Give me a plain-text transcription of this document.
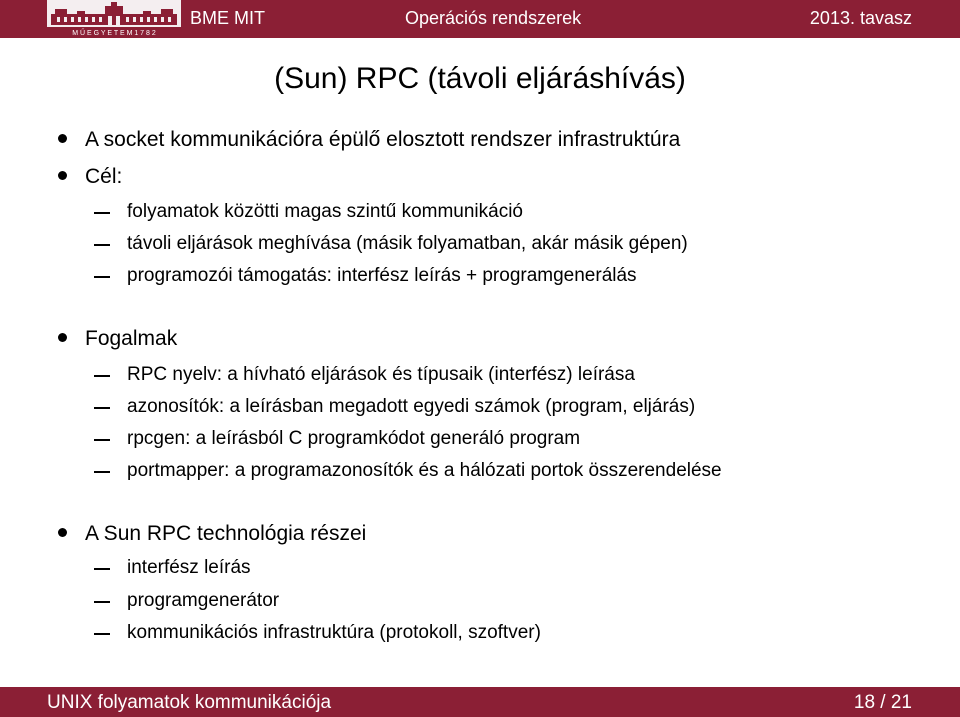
M Ű E G Y E T E M 1 7 8 2
BME MIT	Operációs rendszerek	2013. tavasz
(Sun) RPC (távoli eljáráshívás)
A socket kommunikációra épülő elosztott rendszer infrastruktúra
Cél:
folyamatok közötti magas szintű kommunikáció
távoli eljárások meghívása (másik folyamatban, akár másik gépen)
programozói támogatás: interfész leírás + programgenerálás
Fogalmak
RPC nyelv: a hívható eljárások és típusaik (interfész) leírása
azonosítók: a leírásban megadott egyedi számok (program, eljárás)
rpcgen: a leírásból C programkódot generáló program
portmapper: a programazonosítók és a hálózati portok összerendelése
A Sun RPC technológia részei
interfész leírás
programgenerátor
kommunikációs infrastruktúra (protokoll, szoftver)
UNIX folyamatok kommunikációja	18 / 21
